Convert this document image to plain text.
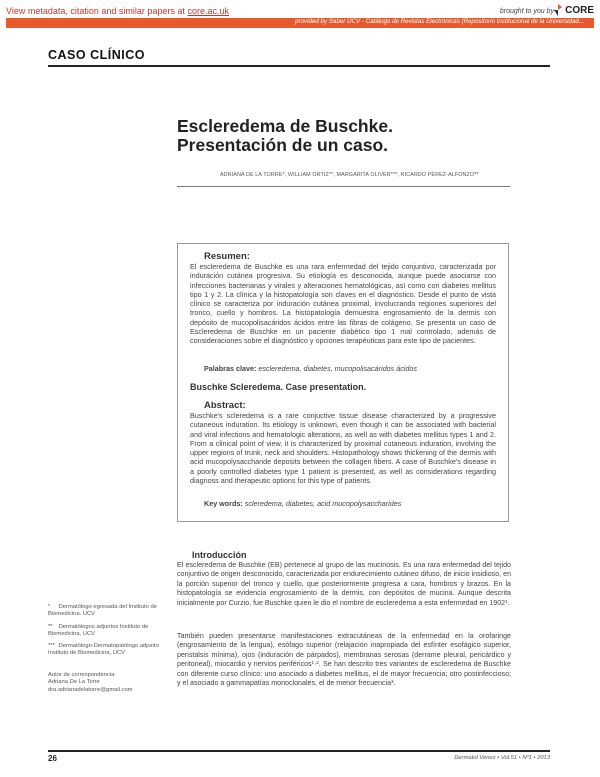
View metadata, citation and similar papers at core.ac.uk	brought to you by CORE
provided by Saber UCV - Catálogo de Revistas Electrónicas (Repositorio Institucional de la Universidad...
CASO CLÍNICO
Escleredema de Buschke.
Presentación de un caso.
ADRIANA DE LA TORRE*, WILLIAM ORTIZ**, MARGARITA OLIVER***, RICARDO PÉREZ-ALFONZO**
Resumen:
El escleredema de Buschke es una rara enfermedad del tejido conjuntivo, caracterizada por induración cutánea progresiva. Su etiología es desconocida, aunque puede asociarse con infecciones bacterianas y virales y alteraciones hematológicas, así como con diabetes mellitus tipo 1 y 2. La clínica y la histopatología son claves en el diagnóstico. Desde el punto de vista clínico se caracteriza por induración cutánea proximal, involucrando regiones superiores del tronco, cuello y hombros. La histopatología demuestra engrosamiento de la dermis con depósito de mucopolisacáridos ácidos entre las fibras de colágeno. Se presenta un caso de Escleredema de Buschke en un paciente diabético tipo 1 mal controlado, además de consideraciones sobre el diagnóstico y opciones terapéuticas para este tipo de pacientes.
Palabras clave: escleredema, diabetes, mucopolisacáridos ácidos
Buschke Scleredema. Case presentation.
Abstract:
Buschke's scleredema is a rare conjuctive tissue disease characterized by a progressive cutaneous induration. Its etiology is unknown, even though it can be associated with bacterial and viral infections and hematologic alterations, as well as with diabetes mellitus types 1 and 2. From a clinical point of view, it is characterized by proximal cutaneous induration, involving the upper regions of trunk, neck and shoulders. Histopathology shows thickening of the dermis with acid mucopolysaccharide deposits between the collagen fibers. A case of Buschke's disease in a poorly controlled diabetes type 1 patient is presented, as well as considerations regarding diagnoss and therapeutic options for this type of patients.
Key words: scleredema, diabetes, acid mucopolysaccharides
Introducción
El escleredema de Buschke (EB) pertenece al grupo de las mucinosis. Es una rara enfermedad del tejido conjuntivo de origen desconocido, caracterizada por endurecimiento cutáneo difuso, de inicio insidioso, en la porción superior del tronco y cuello, que posteriormente progresa a cara, hombros y brazos. En la histopatología se evidencia engrosamiento de la dermis, con depósitos de mucina. Aunque descrita inicialmente por Curzio, fue Buschke quien le dio el nombre de escleredema a esta enfermedad en 1902¹.
También pueden presentarse manifestaciones extracutáneas de la enfermedad en la orofaringe (engrosamiento de la lengua), esófago superior (relajación inapropiada del esfínter esofágico superior, peristalsis mínima), ojos (induración de párpados), membranas serosas (derrame pleural, pericárdico y peritoneal), miocardio y nervios periféricos¹·². Se han descrito tres variantes de escleredema de Buschke con diferente curso clínico: uno asociado a diabetes mellitus, el de mayor frecuencia; otro postinfeccioso; y el asociado a gammapatías monoclonales, el de menor frecuencia³.
* Dermatólogo egresada del Instituto de Biomedicina. UCV
** Dermatólogos adjuntos Instituto de Biomedicina, UCV
*** Dermatólogo-Dermatopatólogo adjunto Instituto de Biomedicina, UCV
Autor de correspondencia:
Adriana De La Torre
dra.adrianadelatorre@gmail.com
26	Dermatol Venez • Vol.51 • Nº1 • 2013
